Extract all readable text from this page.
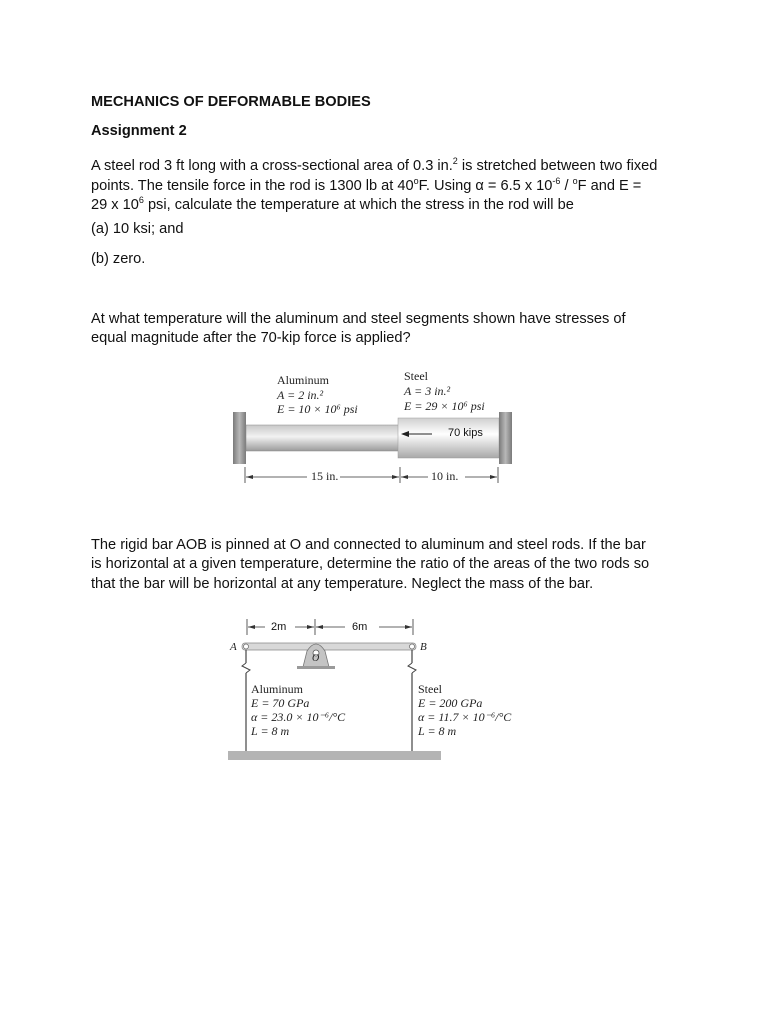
MECHANICS OF DEFORMABLE BODIES

Assignment 2

A steel rod 3 ft long with a cross-sectional area of 0.3 in.$^2$ is stretched between two fixed

points. The tensile force in the rod is 1300 lb at 40$^o$F. Using α = 6.5 x $10^{-6} / ^oF$ and E =

29 x $10^6$ psi, calculate the temperature at which the stress in the rod will be

(a) 10 ksi; and

(b) zero.

At what temperature will the aluminum and steel segments shown have stresses of

equal magnitude after the 70-kip force is applied?

Aluminum
A = 2 in.²
E = 10 × 10⁶ psi
Steel
A = 3 in.²
E = 29 × 10⁶ psi
70 kips
15 in.	10 in.

The rigid bar AOB is pinned at O and connected to aluminum and steel rods. If the bar

is horizontal at a given temperature, determine the ratio of the areas of the two rods so

that the bar will be horizontal at any temperature. Neglect the mass of the bar.

2m	6m
A	B
O
Aluminum
E = 70 GPa
α = 23.0 × 10⁻⁶/°C
L = 8 m
Steel
E = 200 GPa
α = 11.7 × 10⁻⁶/°C
L = 8 m
